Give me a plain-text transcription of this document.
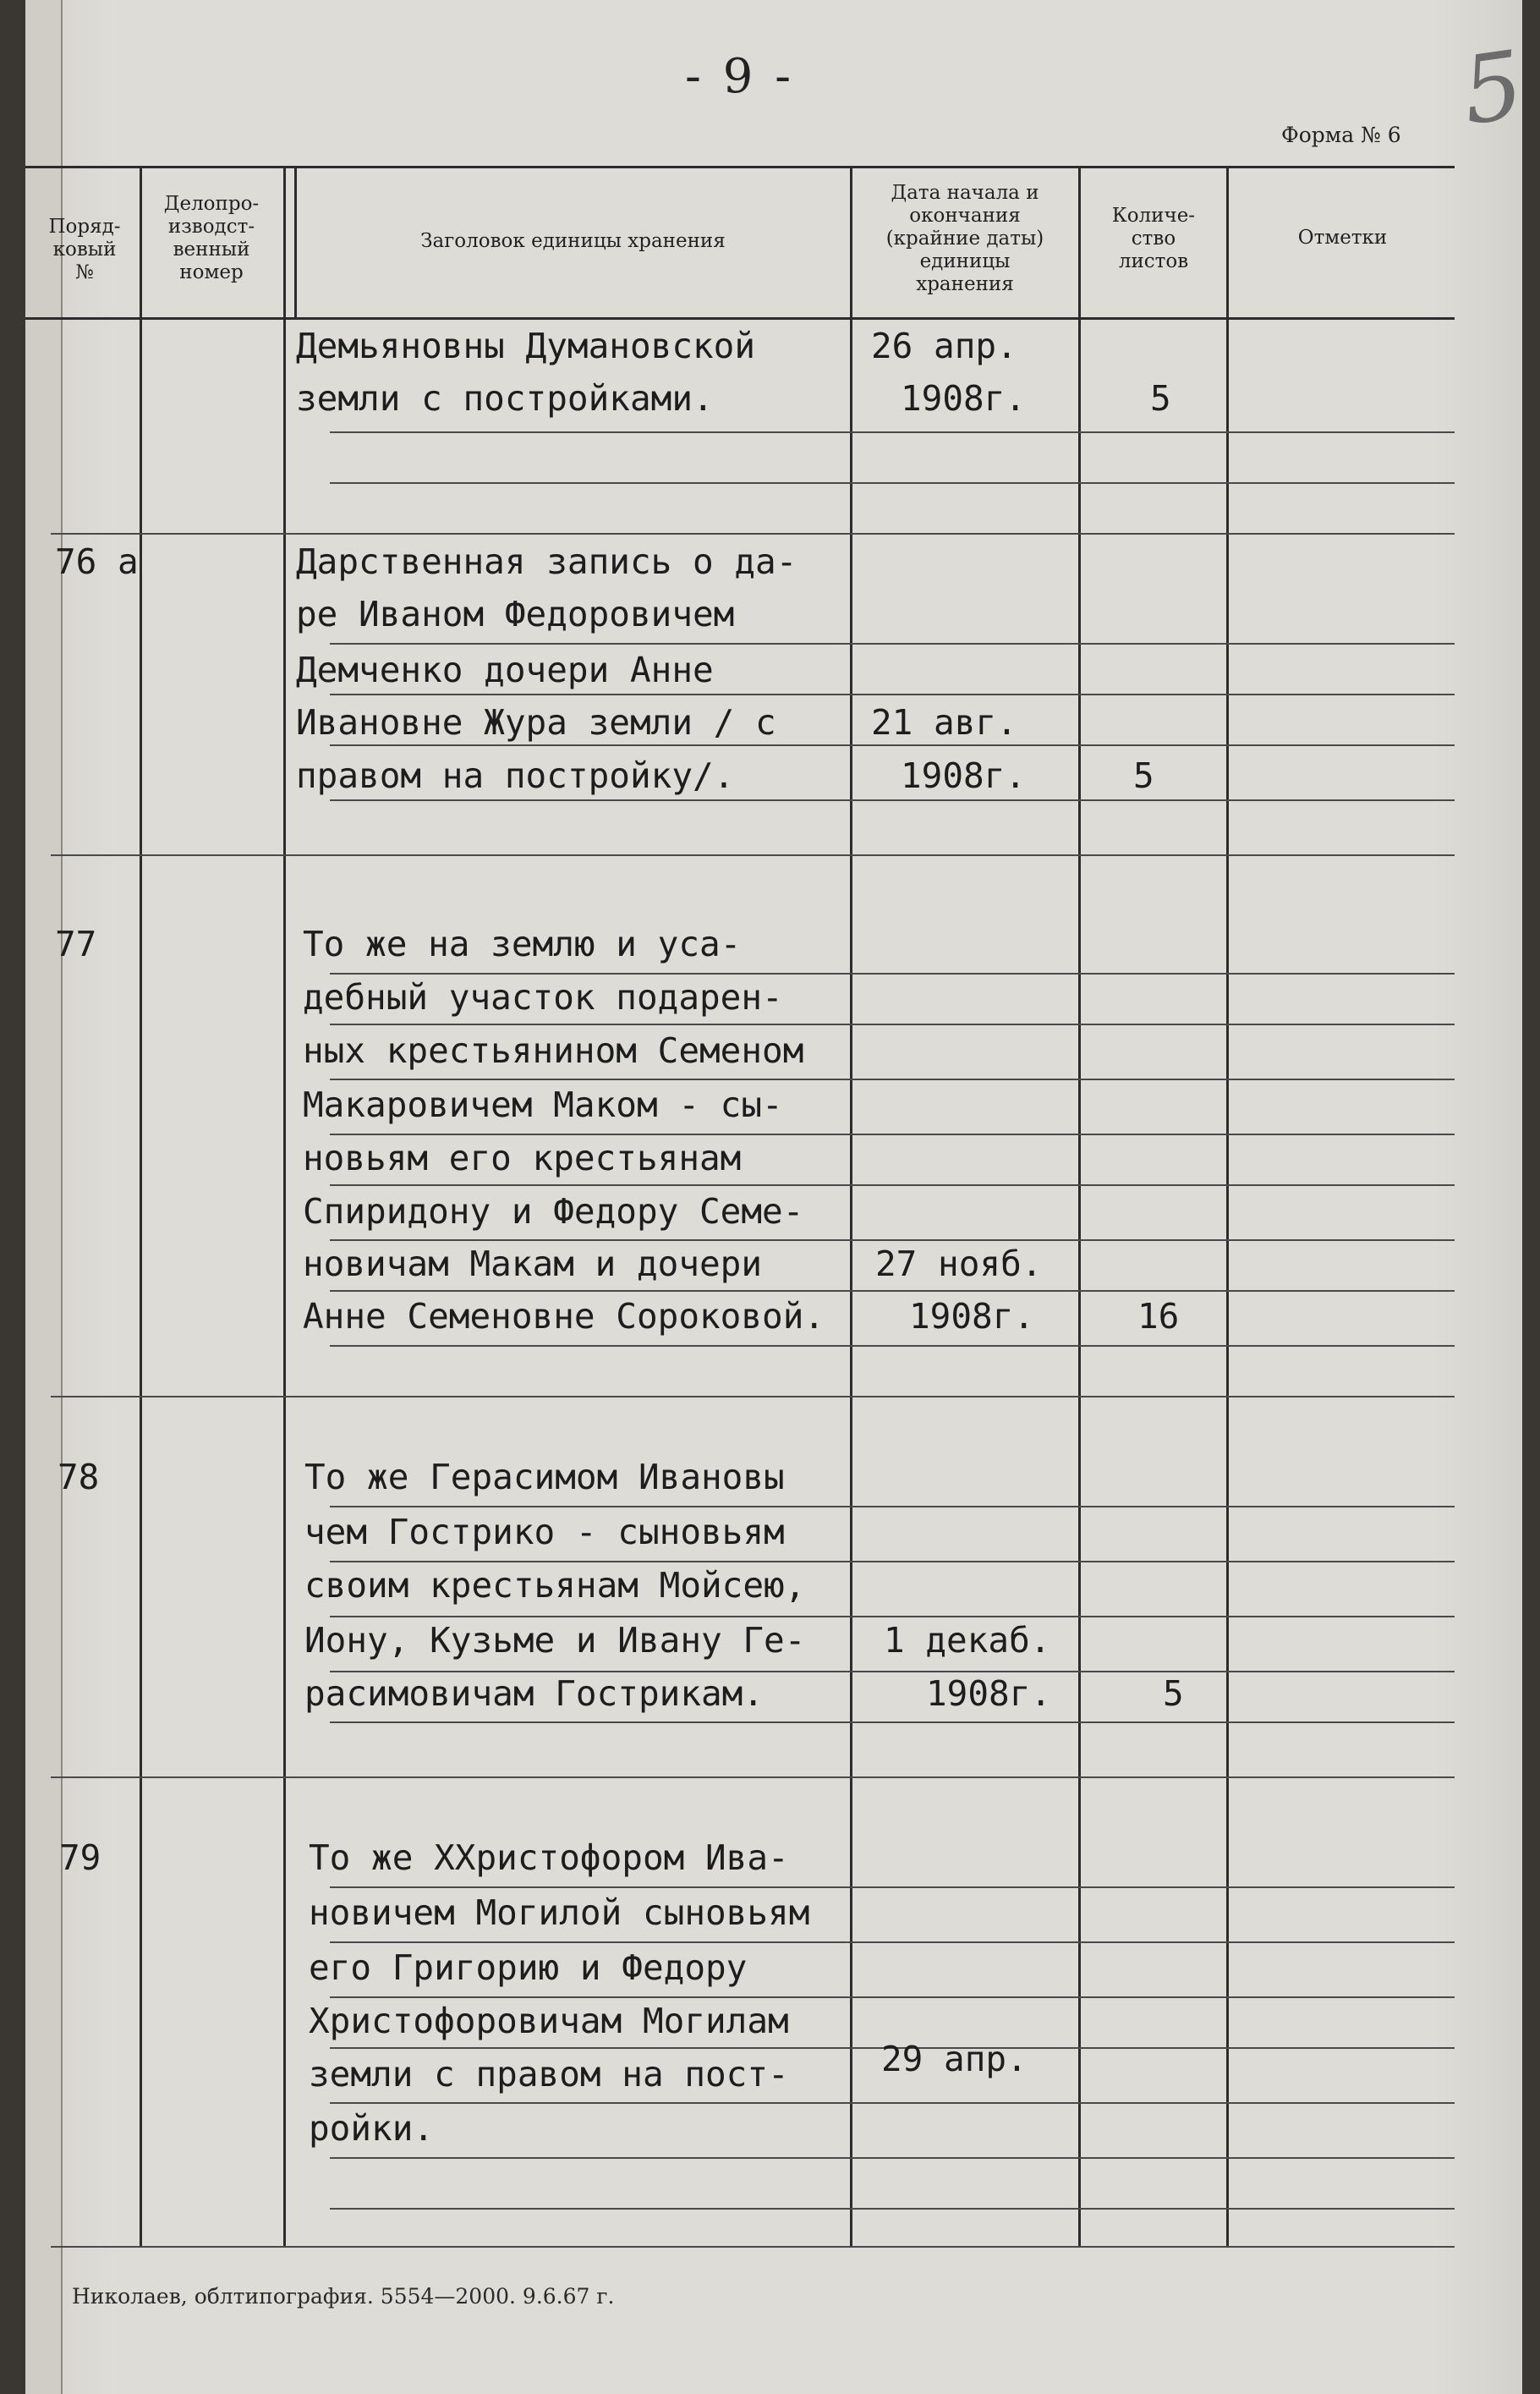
- 9 -	5
Форма № 6
Поряд-
ковый
№
Делопро-
изводст-
венный
номер
Заголовок единицы хранения
Дата начала и
окончания
(крайние даты)
единицы
хранения
Количе-
ство
листов
Отметки
Демьяновны Думановской
земли с постройками.
26 апр.
1908г.	5
76 а	Дарственная запись о да-
ре Иваном Федоровичем
Демченко дочери Анне
Ивановне Жура земли / с
правом на постройку/.
21 авг.
1908г.	5
77	То же на землю и уса-
дебный участок подарен-
ных крестьянином Семеном
Макаровичем Маком - сы-
новьям его крестьянам
Спиридону и Федору Семе-
новичам Макам и дочери
Анне Семеновне Сороковой.
27 нояб.
1908г.	16
78	То же Герасимом Ивановы
чем Гострико - сыновьям
своим крестьянам Мойсею,
Иону, Кузьме и Ивану Ге-
расимовичам Гострикам.
1 декаб.
1908г.	5
79	То же ХХристофором Ива-
новичем Могилой сыновьям
его Григорию и Федору
Христофоровичам Могилам
земли с правом на пост-
ройки.
29 апр.
Николаев, облтипография. 5554—2000. 9.6.67 г.
